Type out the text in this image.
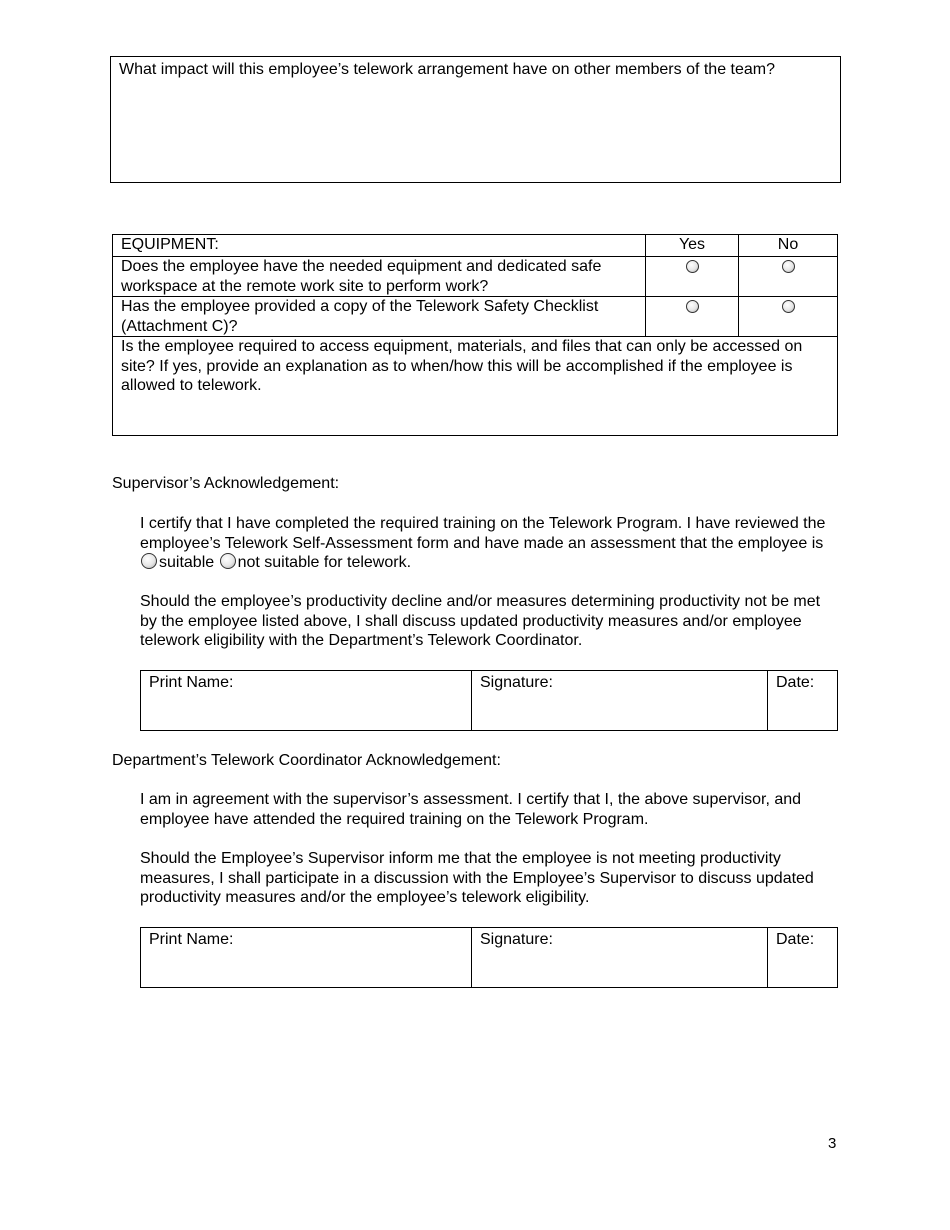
What impact will this employee’s telework arrangement have on other members of the team?
EQUIPMENT:	Yes	No
Does the employee have the needed equipment and dedicated safe workspace at the remote work site to perform work?		
Has the employee provided a copy of the Telework Safety Checklist (Attachment C)?		
Is the employee required to access equipment, materials, and files that can only be accessed on site? If yes, provide an explanation as to when/how this will be accomplished if the employee is allowed to telework.		
Supervisor’s Acknowledgement:
I certify that I have completed the required training on the Telework Program. I have reviewed the employee’s Telework Self-Assessment form and have made an assessment that the employee is suitable not suitable for telework.
Should the employee’s productivity decline and/or measures determining productivity not be met by the employee listed above, I shall discuss updated productivity measures and/or employee telework eligibility with the Department’s Telework Coordinator.
Print Name:	Signature:	Date:
Department’s Telework Coordinator Acknowledgement:
I am in agreement with the supervisor’s assessment. I certify that I, the above supervisor, and employee have attended the required training on the Telework Program.
Should the Employee’s Supervisor inform me that the employee is not meeting productivity measures, I shall participate in a discussion with the Employee’s Supervisor to discuss updated productivity measures and/or the employee’s telework eligibility.
Print Name:	Signature:	Date:
3
